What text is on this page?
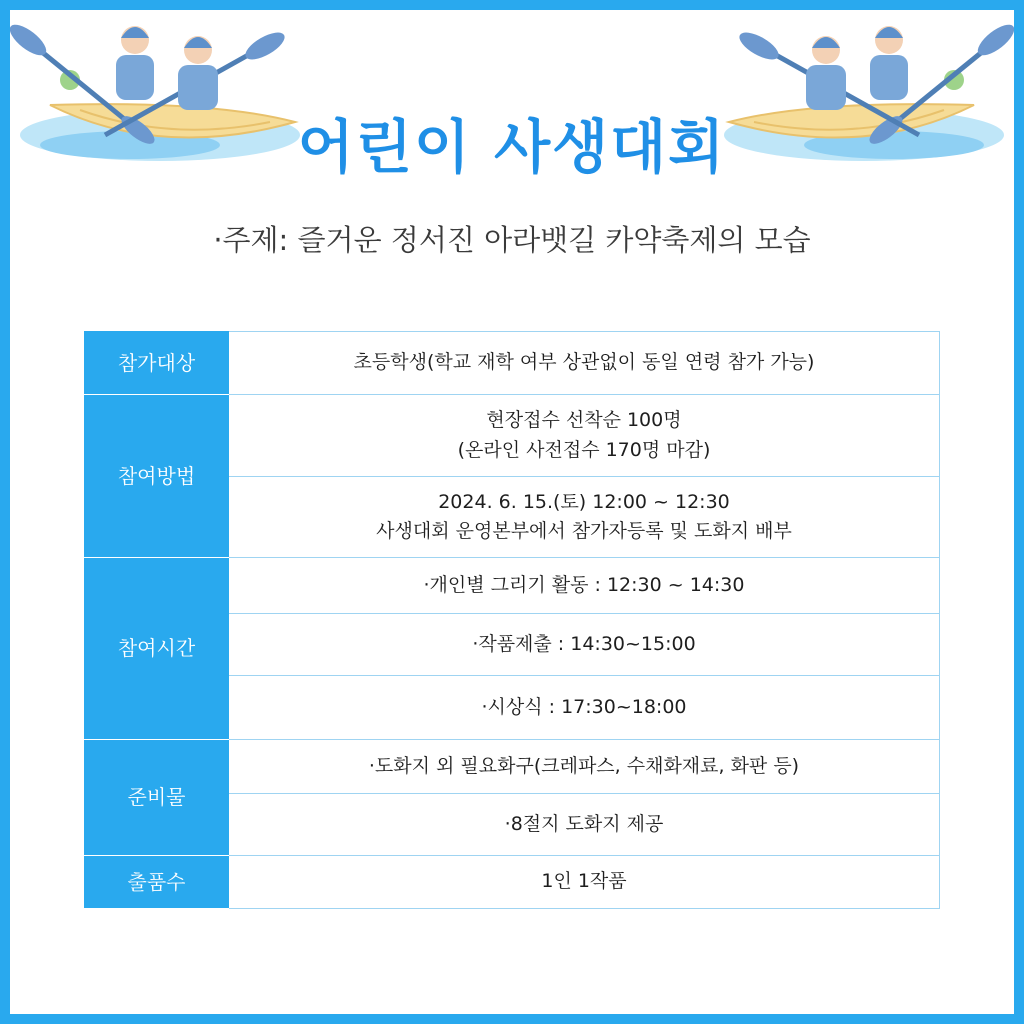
어린이 사생대회
·주제: 즐거운 정서진 아라뱃길 카약축제의 모습
참가대상	초등학생(학교 재학 여부 상관없이 동일 연령 참가 가능)
참여방법	현장접수 선착순 100명
(온라인 사전접수 170명 마감)

	2024. 6. 15.(토) 12:00 ~ 12:30
사생대회 운영본부에서 참가자등록 및 도화지 배부

참여시간	·개인별 그리기 활동 : 12:30 ~ 14:30
	·작품제출 : 14:30~15:00
	·시상식 : 17:30~18:00
준비물	·도화지 외 필요화구(크레파스, 수채화재료, 화판 등)
	·8절지 도화지 제공
출품수	1인 1작품
